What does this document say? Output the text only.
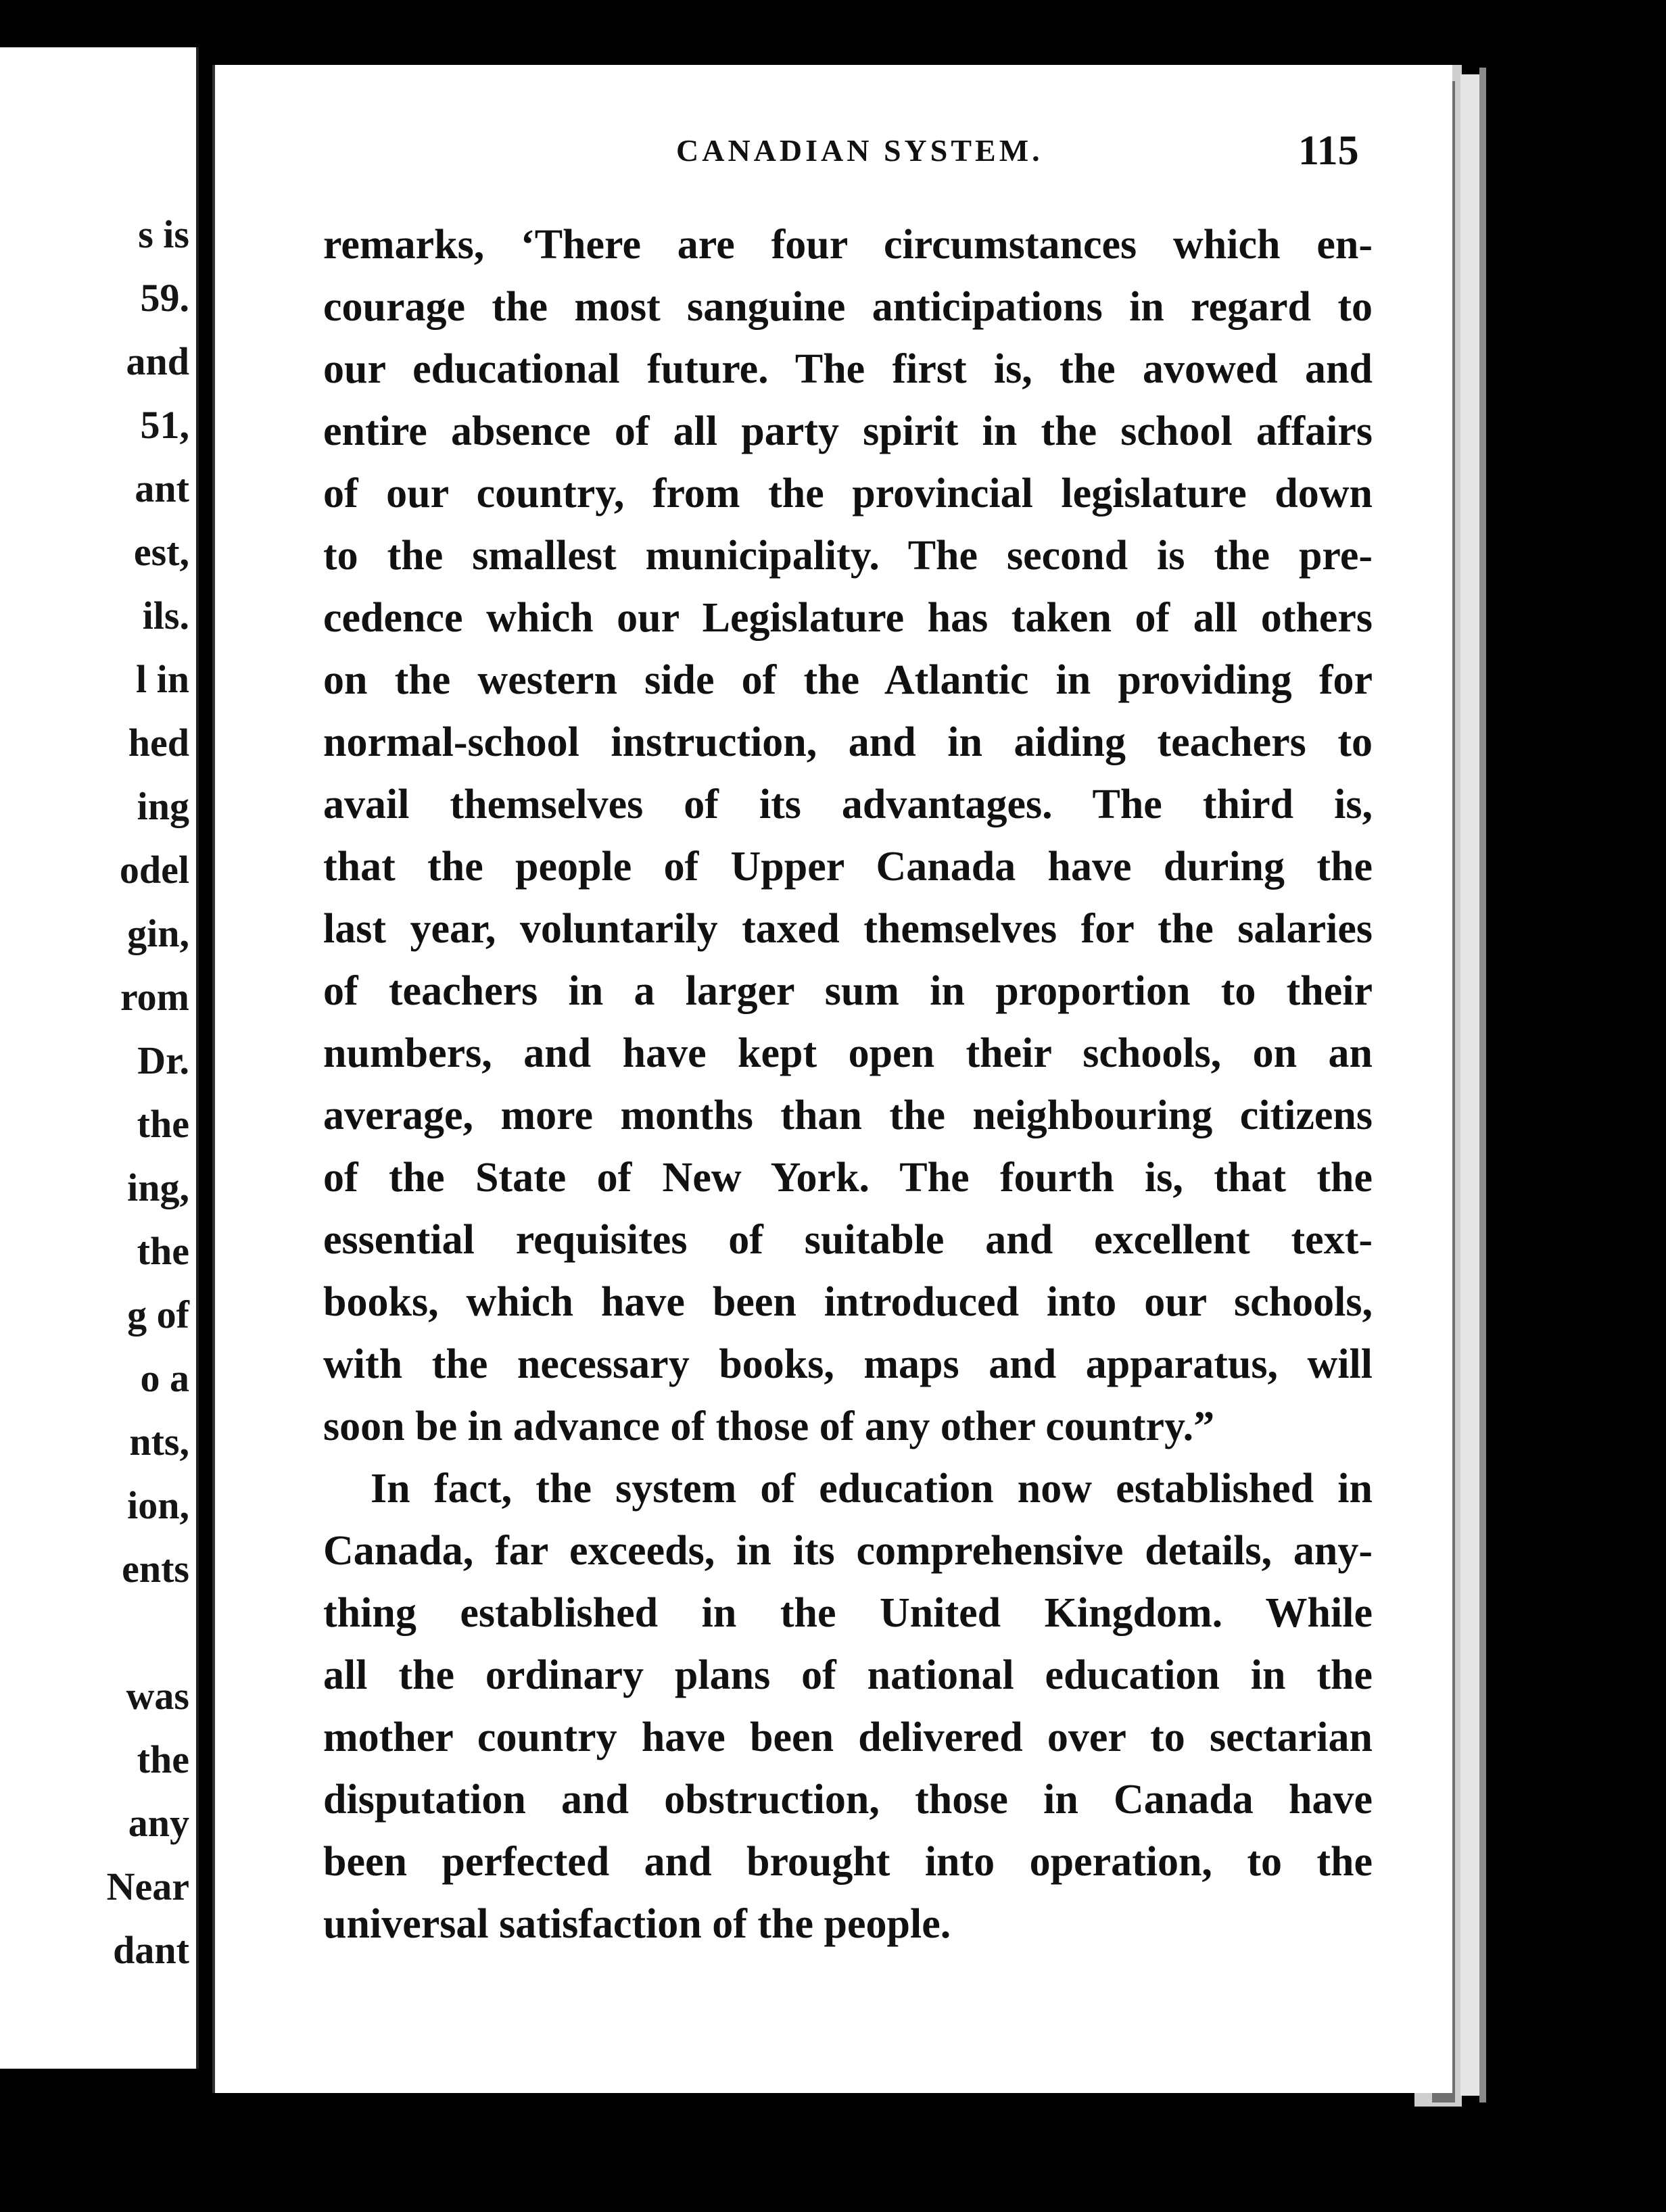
s is
59.
and
51,
ant
est,
ils.
l in
hed
ing
odel
gin,
rom
Dr.
the
ing,
the
g of
o a
nts,
ion,
ents
was
the
any
Near
dant
CANADIAN SYSTEM.	115
remarks, ‘There are four circumstances which en-
courage the most sanguine anticipations in regard to
our educational future. The first is, the avowed and
entire absence of all party spirit in the school affairs
of our country, from the provincial legislature down
to the smallest municipality. The second is the pre-
cedence which our Legislature has taken of all others
on the western side of the Atlantic in providing for
normal-school instruction, and in aiding teachers to
avail themselves of its advantages. The third is,
that the people of Upper Canada have during the
last year, voluntarily taxed themselves for the salaries
of teachers in a larger sum in proportion to their
numbers, and have kept open their schools, on an
average, more months than the neighbouring citizens
of the State of New York. The fourth is, that the
essential requisites of suitable and excellent text-
books, which have been introduced into our schools,
with the necessary books, maps and apparatus, will
soon be in advance of those of any other country.”
In fact, the system of education now established in
Canada, far exceeds, in its comprehensive details, any-
thing established in the United Kingdom. While
all the ordinary plans of national education in the
mother country have been delivered over to sectarian
disputation and obstruction, those in Canada have
been perfected and brought into operation, to the
universal satisfaction of the people.
